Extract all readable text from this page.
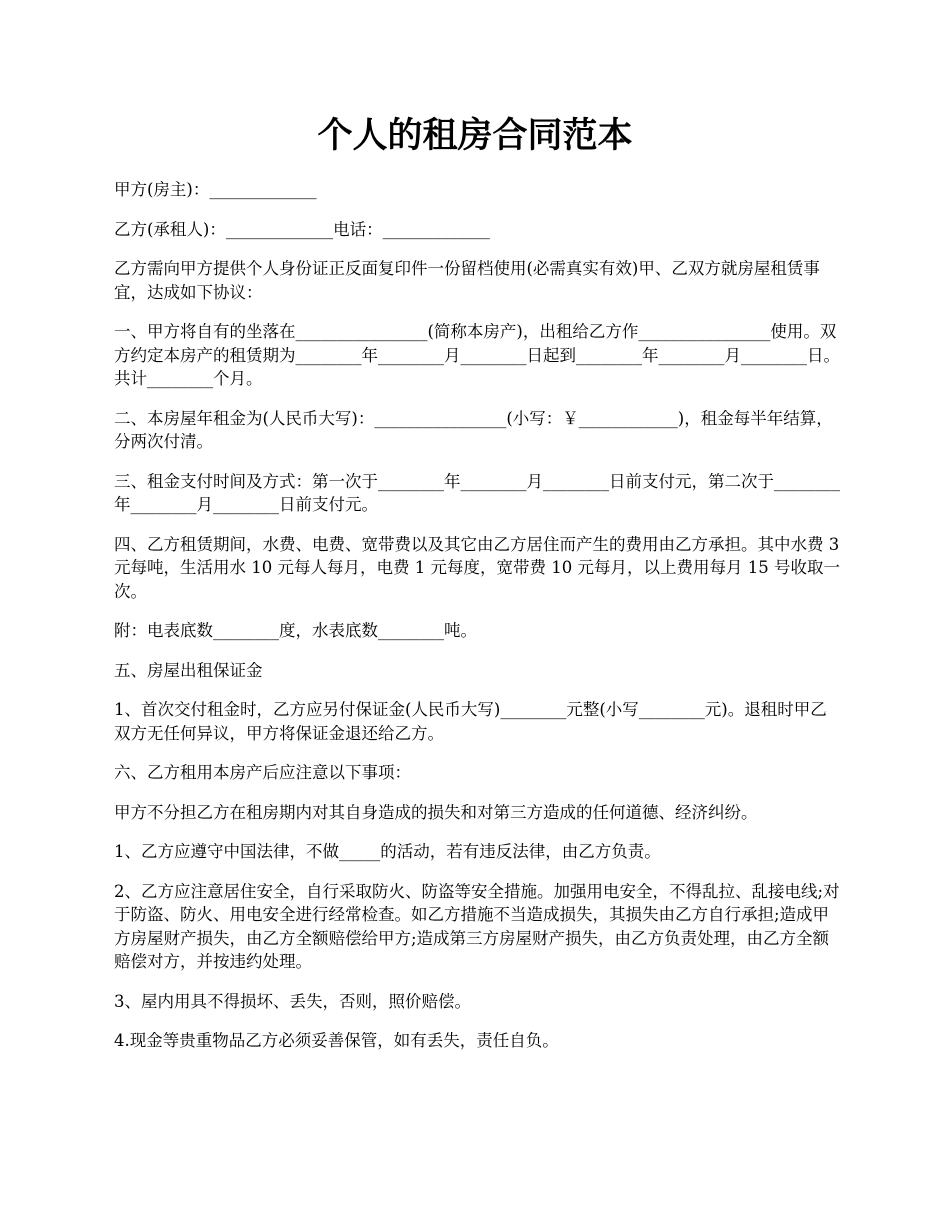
个人的租房合同范本

甲方(房主)：_____________

乙方(承租人)：_____________电话：_____________

乙方需向甲方提供个人身份证正反面复印件一份留档使用(必需真实有效)甲、乙双方就房屋租赁事宜，达成如下协议：

一、甲方将自有的坐落在________________(简称本房产)，出租给乙方作________________使用。双方约定本房产的租赁期为________年________月________日起到________年________月________日。共计________个月。

二、本房屋年租金为(人民币大写)：________________(小写：￥____________)，租金每半年结算，分两次付清。

三、租金支付时间及方式：第一次于________年________月________日前支付元，第二次于________年________月________日前支付元。

四、乙方租赁期间，水费、电费、宽带费以及其它由乙方居住而产生的费用由乙方承担。其中水费 3 元每吨，生活用水 10 元每人每月，电费 1 元每度，宽带费 10 元每月，以上费用每月 15 号收取一次。

附：电表底数________度，水表底数________吨。

五、房屋出租保证金

1、首次交付租金时，乙方应另付保证金(人民币大写)________元整(小写________元)。退租时甲乙双方无任何异议，甲方将保证金退还给乙方。

六、乙方租用本房产后应注意以下事项：

甲方不分担乙方在租房期内对其自身造成的损失和对第三方造成的任何道德、经济纠纷。

1、乙方应遵守中国法律，不做_____的活动，若有违反法律，由乙方负责。

2、乙方应注意居住安全，自行采取防火、防盗等安全措施。加强用电安全，不得乱拉、乱接电线;对于防盗、防火、用电安全进行经常检查。如乙方措施不当造成损失，其损失由乙方自行承担;造成甲方房屋财产损失，由乙方全额赔偿给甲方;造成第三方房屋财产损失，由乙方负责处理，由乙方全额赔偿对方，并按违约处理。

3、屋内用具不得损坏、丢失，否则，照价赔偿。

4.现金等贵重物品乙方必须妥善保管，如有丢失，责任自负。
